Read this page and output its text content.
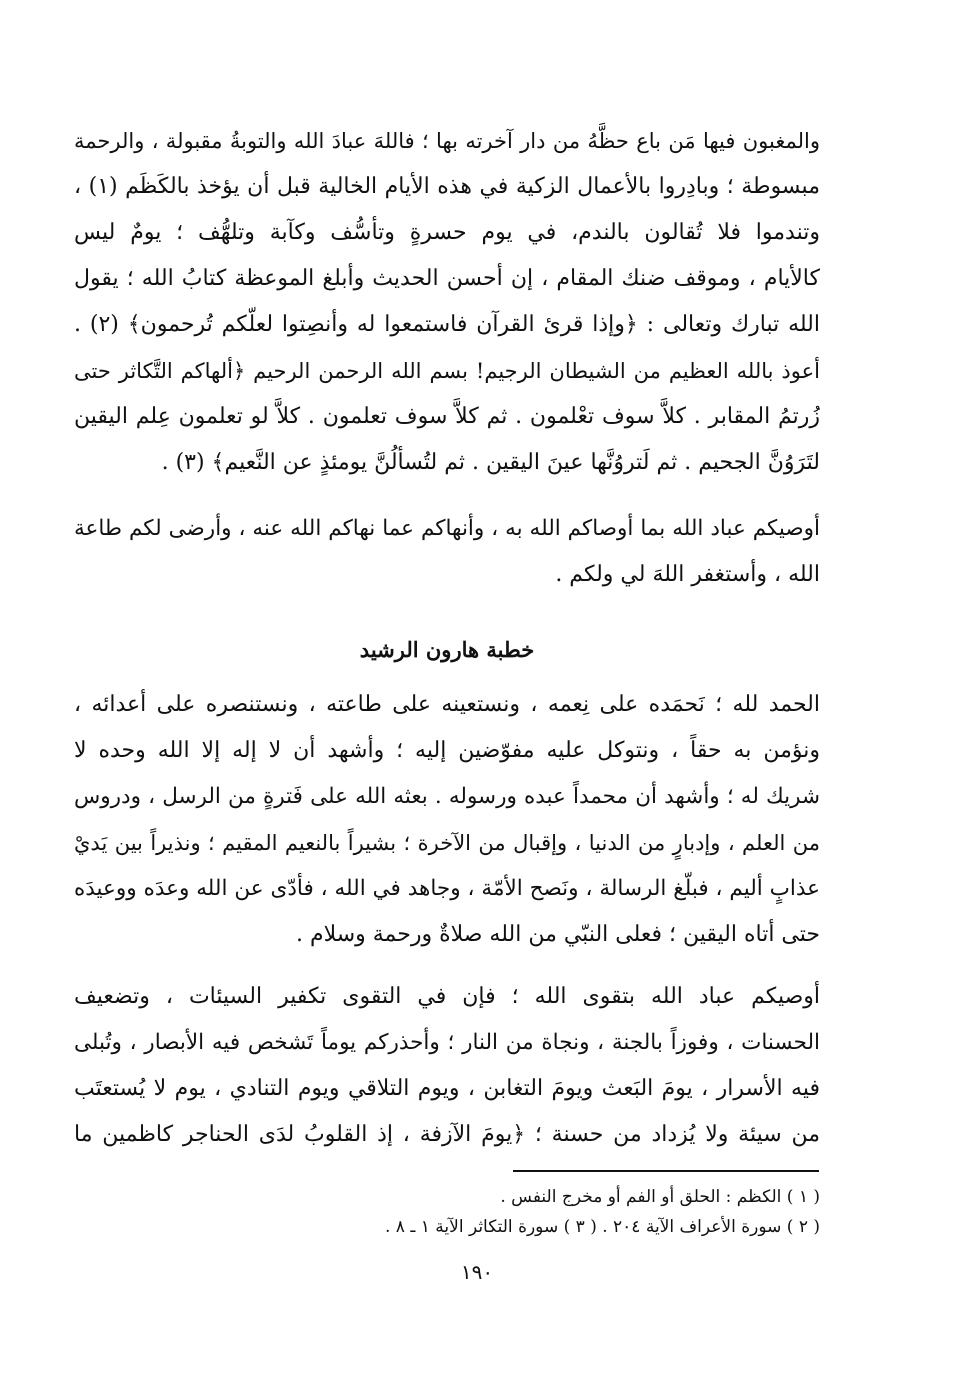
والمغبون فيها مَن باع حظَّهُ من دار آخرته بها ؛ فاللهَ عبادَ الله والتوبةُ مقبولة ، والرحمة
مبسوطة ؛ وبادِروا بالأعمال الزكية في هذه الأيام الخالية قبل أن يؤخذ بالكَظَم (١) ،
وتندموا فلا تُقالون بالندم، في يوم حسرةٍ وتأسُّف وكآبة وتلهُّف ؛ يومٌ ليس
كالأيام ، وموقف ضنك المقام ، إن أحسن الحديث وأبلغ الموعظة كتابُ الله ؛ يقول
الله تبارك وتعالى : ﴿وإذا قرئ القرآن فاستمعوا له وأنصِتوا لعلّكم تُرحمون﴾ (٢) .
أعوذ بالله العظيم من الشيطان الرجيم! بسم الله الرحمن الرحيم ﴿ألهاكم التَّكاثر حتى
زُرتمُ المقابر . كلاَّ سوف تعْلمون . ثم كلاَّ سوف تعلمون . كلاَّ لو تعلمون عِلم اليقين
لتَرَوُنَّ الجحيم . ثم لَتروُنَّها عينَ اليقين . ثم لتُسألُنَّ يومئذٍ عن النَّعيم﴾ (٣) .
أوصيكم عباد الله بما أوصاكم الله به ، وأنهاكم عما نهاكم الله عنه ، وأرضى لكم طاعة
الله ، وأستغفر اللهَ لي ولكم .
خطبة هارون الرشيد
الحمد لله ؛ نَحمَده على نِعمه ، ونستعينه على طاعته ، ونستنصره على أعدائه ،
ونؤمن به حقاً ، ونتوكل عليه مفوّضين إليه ؛ وأشهد أن لا إله إلا الله وحده لا
شريك له ؛ وأشهد أن محمداً عبده ورسوله . بعثه الله على فَترةٍ من الرسل ، ودروس
من العلم ، وإدبارٍ من الدنيا ، وإقبال من الآخرة ؛ بشيراً بالنعيم المقيم ؛ ونذيراً بين يَديْ
عذابٍ أليم ، فبلّغ الرسالة ، ونَصح الأمّة ، وجاهد في الله ، فأدّى عن الله وعدَه ووعيدَه
حتى أتاه اليقين ؛ فعلى النبّي من الله صلاةٌ ورحمة وسلام .
أوصيكم عباد الله بتقوى الله ؛ فإن في التقوى تكفير السيئات ، وتضعيف
الحسنات ، وفوزاً بالجنة ، ونجاة من النار ؛ وأحذركم يوماً تَشخص فيه الأبصار ، وتُبلى
فيه الأسرار ، يومَ البَعث ويومَ التغابن ، ويوم التلاقي ويوم التنادي ، يوم لا يُستعتَب
من سيئة ولا يُزداد من حسنة ؛ ﴿يومَ الآزفة ، إذ القلوبُ لدَى الحناجر كاظمين ما
( ١ ) الكظم : الحلق أو الفم أو مخرج النفس .
( ٢ ) سورة الأعراف الآية ٢٠٤ . ( ٣ ) سورة التكاثر الآية ١ ـ ٨ .
١٩٠
